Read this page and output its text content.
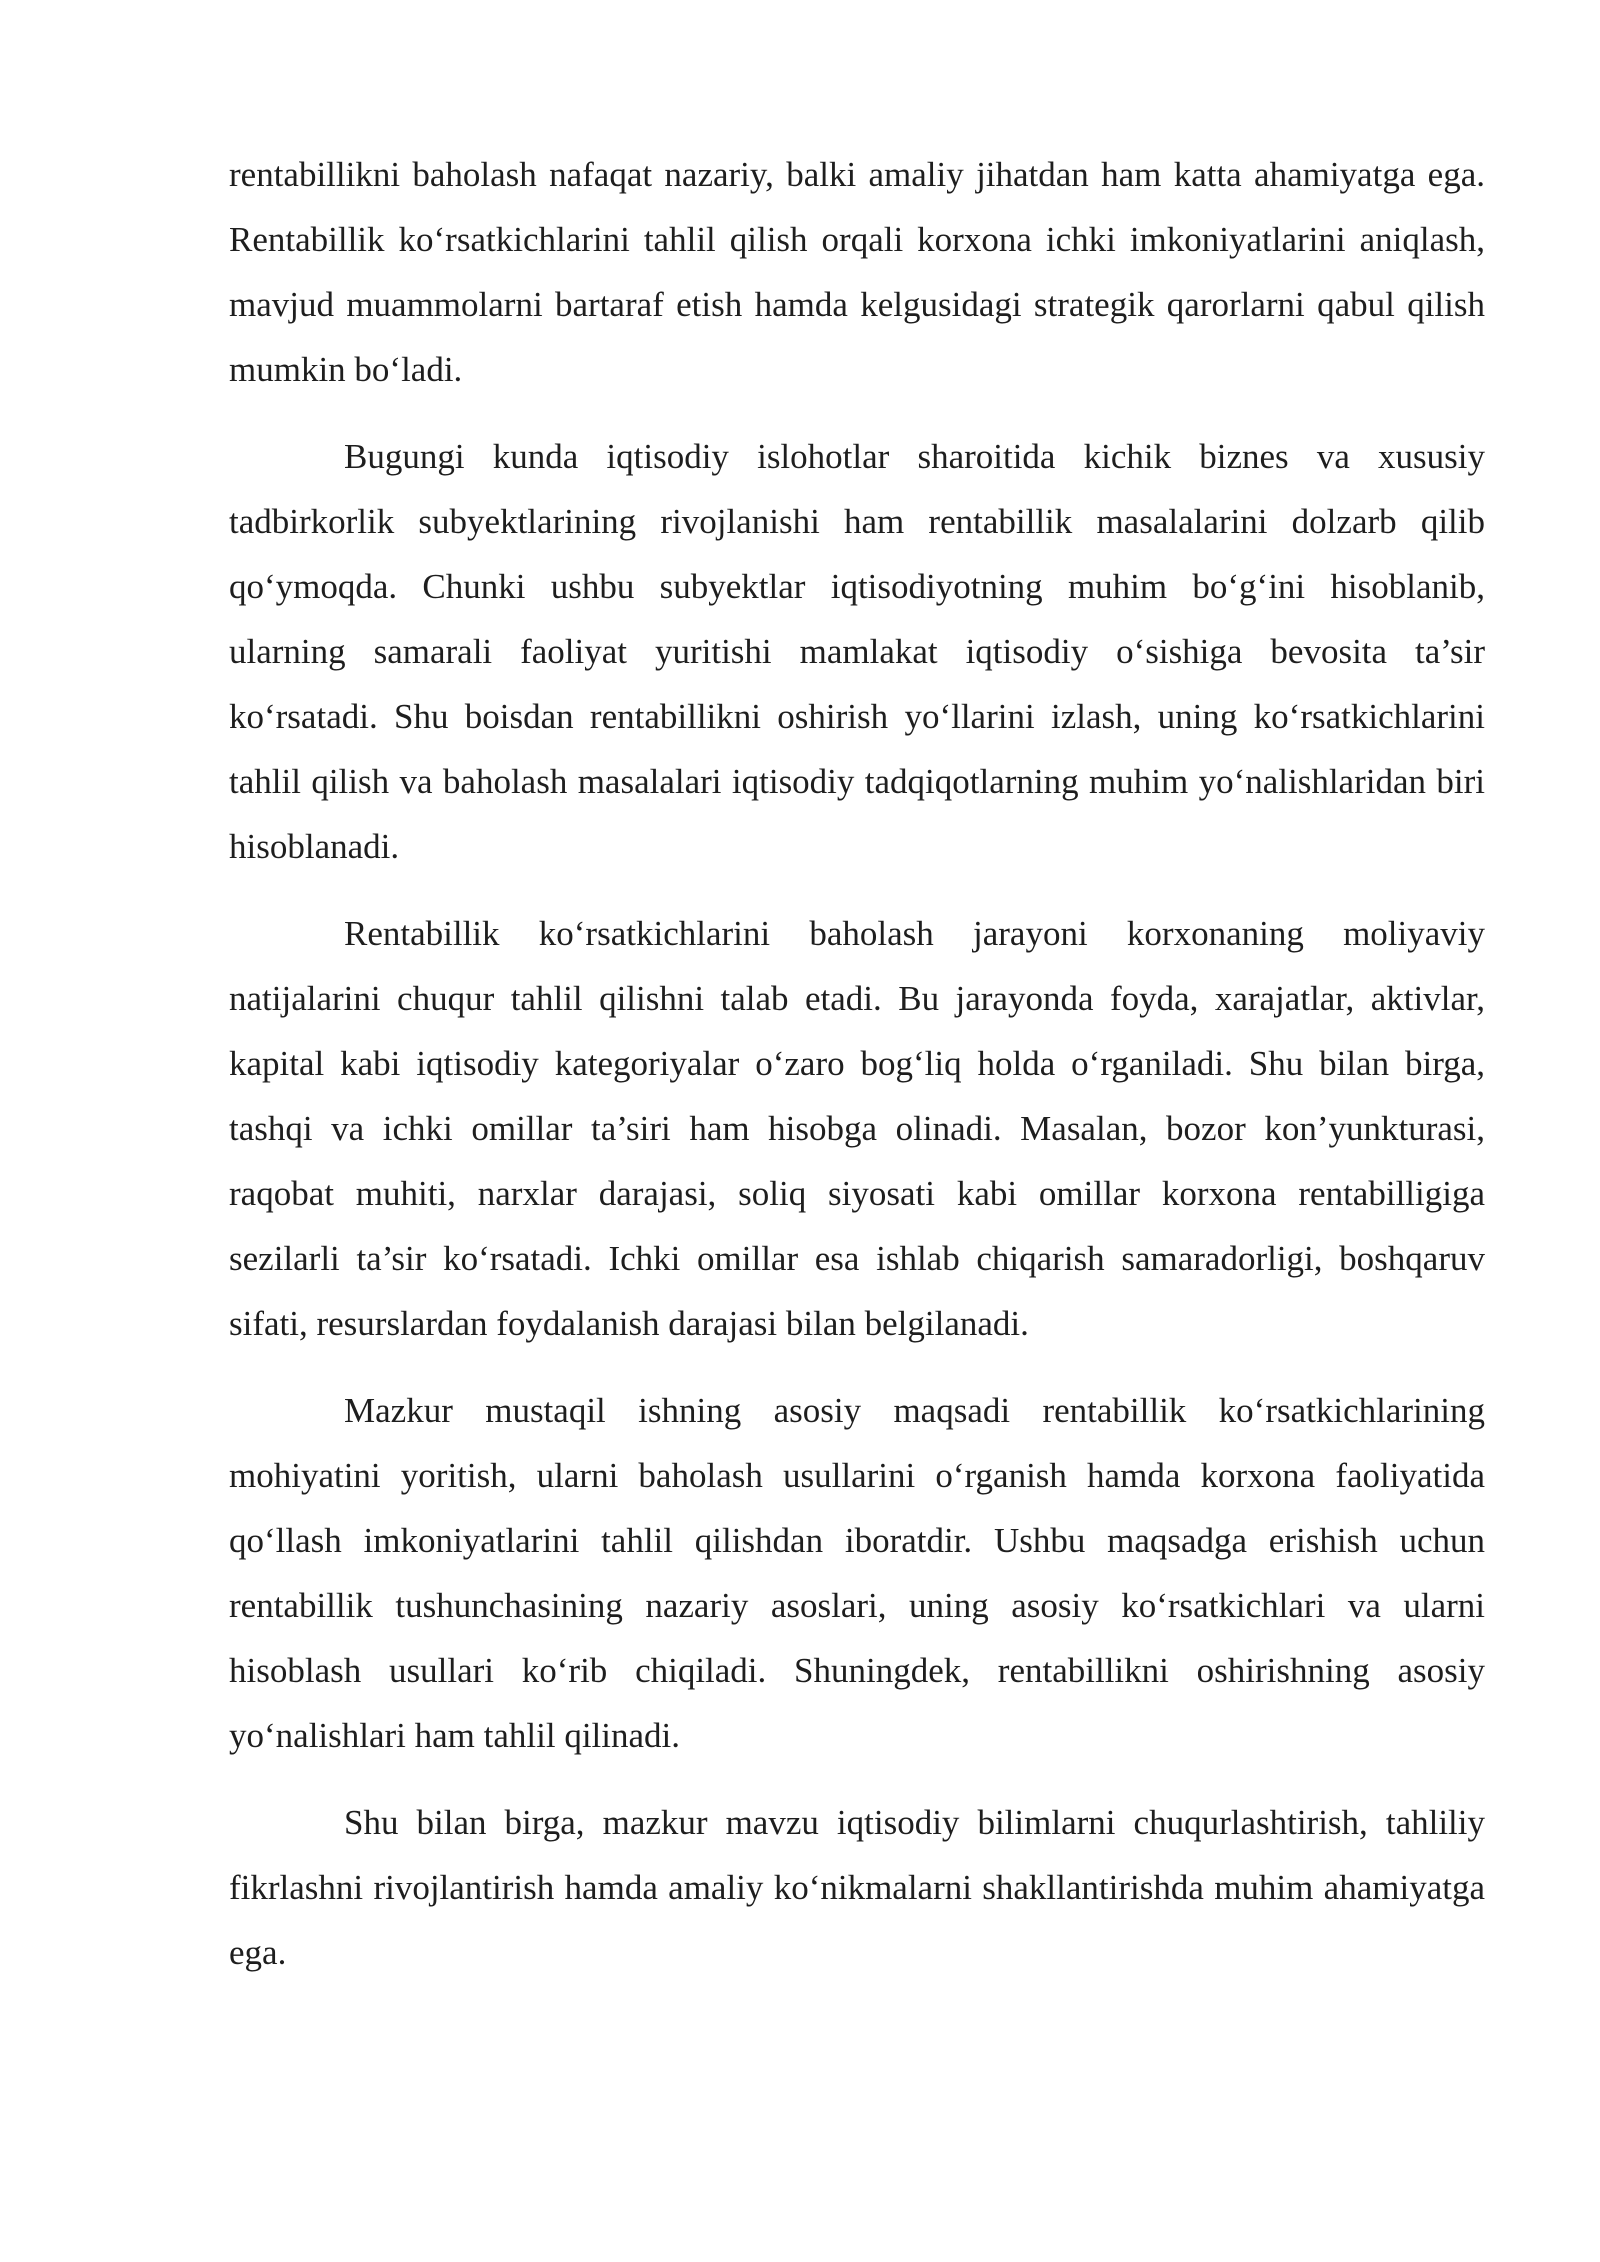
rentabillikni baholash nafaqat nazariy, balki amaliy jihatdan ham katta ahamiyatga ega. Rentabillik ko‘rsatkichlarini tahlil qilish orqali korxona ichki imkoniyatlarini aniqlash, mavjud muammolarni bartaraf etish hamda kelgusidagi strategik qarorlarni qabul qilish mumkin bo‘ladi.

Bugungi kunda iqtisodiy islohotlar sharoitida kichik biznes va xususiy tadbirkorlik subyektlarining rivojlanishi ham rentabillik masalalarini dolzarb qilib qo‘ymoqda. Chunki ushbu subyektlar iqtisodiyotning muhim bo‘g‘ini hisoblanib, ularning samarali faoliyat yuritishi mamlakat iqtisodiy o‘sishiga bevosita ta’sir ko‘rsatadi. Shu boisdan rentabillikni oshirish yo‘llarini izlash, uning ko‘rsatkichlarini tahlil qilish va baholash masalalari iqtisodiy tadqiqotlarning muhim yo‘nalishlaridan biri hisoblanadi.

Rentabillik ko‘rsatkichlarini baholash jarayoni korxonaning moliyaviy natijalarini chuqur tahlil qilishni talab etadi. Bu jarayonda foyda, xarajatlar, aktivlar, kapital kabi iqtisodiy kategoriyalar o‘zaro bog‘liq holda o‘rganiladi. Shu bilan birga, tashqi va ichki omillar ta’siri ham hisobga olinadi. Masalan, bozor kon’yunkturasi, raqobat muhiti, narxlar darajasi, soliq siyosati kabi omillar korxona rentabilligiga sezilarli ta’sir ko‘rsatadi. Ichki omillar esa ishlab chiqarish samaradorligi, boshqaruv sifati, resurslardan foydalanish darajasi bilan belgilanadi.

Mazkur mustaqil ishning asosiy maqsadi rentabillik ko‘rsatkichlarining mohiyatini yoritish, ularni baholash usullarini o‘rganish hamda korxona faoliyatida qo‘llash imkoniyatlarini tahlil qilishdan iboratdir. Ushbu maqsadga erishish uchun rentabillik tushunchasining nazariy asoslari, uning asosiy ko‘rsatkichlari va ularni hisoblash usullari ko‘rib chiqiladi. Shuningdek, rentabillikni oshirishning asosiy yo‘nalishlari ham tahlil qilinadi.

Shu bilan birga, mazkur mavzu iqtisodiy bilimlarni chuqurlashtirish, tahliliy fikrlashni rivojlantirish hamda amaliy ko‘nikmalarni shakllantirishda muhim ahamiyatga ega.
